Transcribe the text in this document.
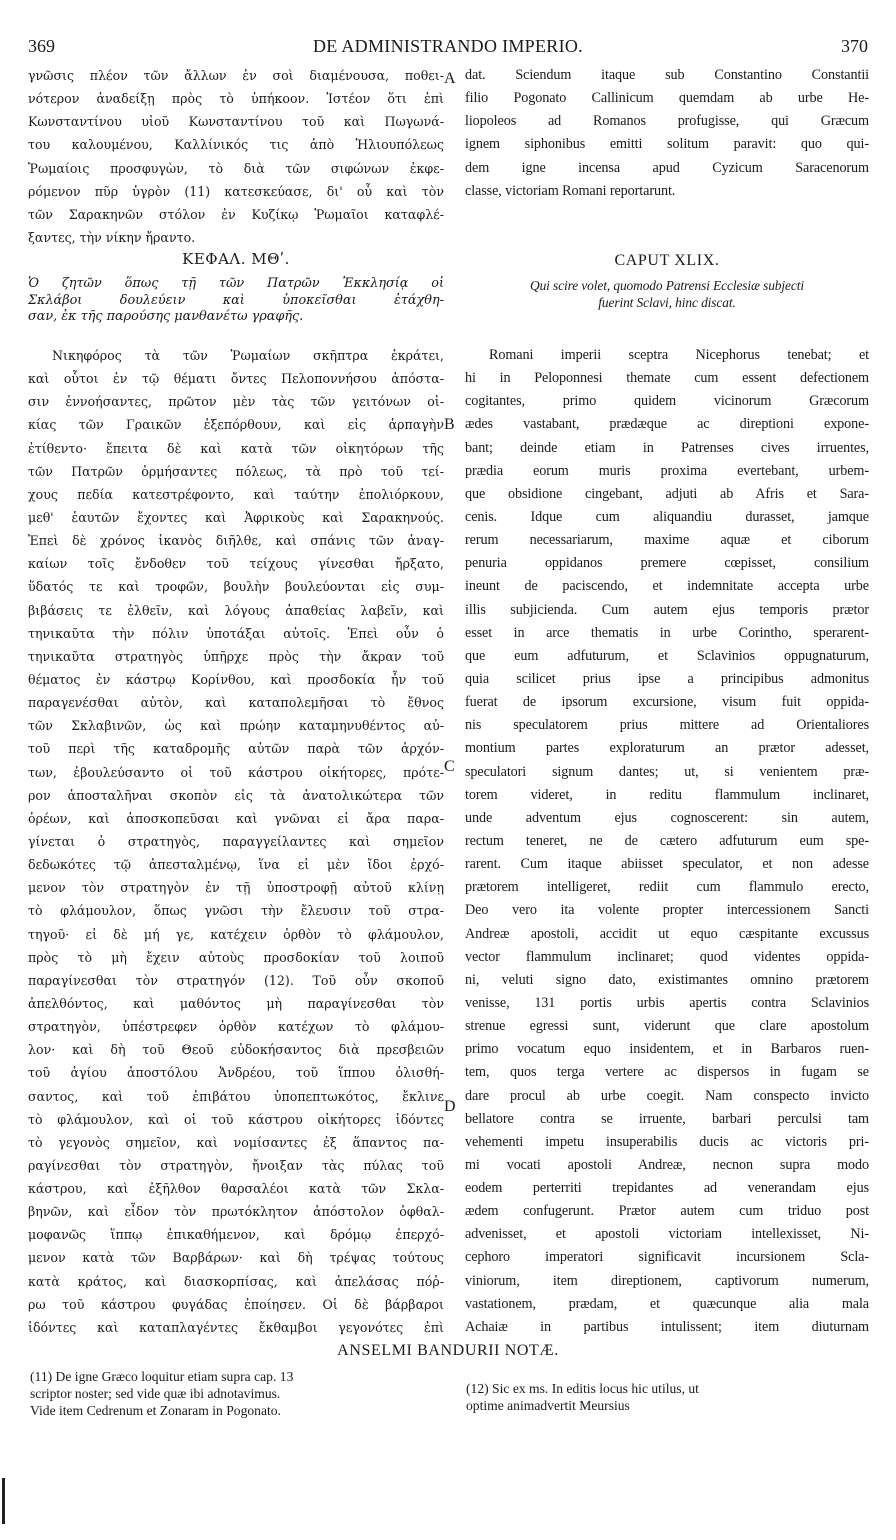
369	DE ADMINISTRANDO IMPERIO.	370
γνῶσις πλέον τῶν ἄλλων ἐν σοὶ διαμένουσα, ποθει-
νότερον ἀναδείξῃ πρὸς τὸ ὑπήκοον. Ἰστέον ὅτι ἐπὶ
Κωνσταντίνου υἱοῦ Κωνσταντίνου τοῦ καὶ Πωγωνά-
του καλουμένου, Καλλίνικός τις ἀπὸ Ἡλιουπόλεως
Ῥωμαίοις προσφυγὼν, τὸ διὰ τῶν σιφώνων ἐκφε-
ρόμενον πῦρ ὑγρὸν (11) κατεσκεύασε, δι' οὗ καὶ τὸν
τῶν Σαρακηνῶν στόλον ἐν Κυζίκῳ Ῥωμαῖοι καταφλέ-
ξαντες, τὴν νίκην ἤραντο.
ΚΕΦΑΛ. ΜΘʹ.
Ὁ ζητῶν ὅπως τῇ τῶν Πατρῶν Ἐκκλησίᾳ οἱ
Σκλάβοι δουλεύειν καὶ ὑποκεῖσθαι ἐτάχθη-
σαν, ἐκ τῆς παρούσης μανθανέτω γραφῆς.
Νικηφόρος τὰ τῶν Ῥωμαίων σκῆπτρα ἐκράτει,
καὶ οὗτοι ἐν τῷ θέματι ὄντες Πελοποννήσου ἀπόστα-
σιν ἐννοήσαντες, πρῶτον μὲν τὰς τῶν γειτόνων οἰ-
κίας τῶν Γραικῶν ἐξεπόρθουν, καὶ εἰς ἁρπαγὴν
ἐτίθεντο· ἔπειτα δὲ καὶ κατὰ τῶν οἰκητόρων τῆς
τῶν Πατρῶν ὁρμήσαντες πόλεως, τὰ πρὸ τοῦ τεί-
χους πεδία κατεστρέφοντο, καὶ ταύτην ἐπολιόρκουν,
μεθ' ἑαυτῶν ἔχοντες καὶ Ἀφρικοὺς καὶ Σαρακηνούς.
Ἐπεὶ δὲ χρόνος ἱκανὸς διῆλθε, καὶ σπάνις τῶν ἀναγ-
καίων τοῖς ἔνδοθεν τοῦ τείχους γίνεσθαι ἤρξατο,
ὕδατός τε καὶ τροφῶν, βουλὴν βουλεύονται εἰς συμ-
βιβάσεις τε ἐλθεῖν, καὶ λόγους ἀπαθείας λαβεῖν, καὶ
τηνικαῦτα τὴν πόλιν ὑποτάξαι αὐτοῖς. Ἐπεὶ οὖν ὁ
τηνικαῦτα στρατηγὸς ὑπῆρχε πρὸς τὴν ἄκραν τοῦ
θέματος ἐν κάστρῳ Κορίνθου, καὶ προσδοκία ἦν τοῦ
παραγενέσθαι αὐτὸν, καὶ καταπολεμῆσαι τὸ ἔθνος
τῶν Σκλαβινῶν, ὡς καὶ πρώην καταμηνυθέντος αὐ-
τοῦ περὶ τῆς καταδρομῆς αὐτῶν παρὰ τῶν ἀρχόν-
των, ἐβουλεύσαντο οἱ τοῦ κάστρου οἰκήτορες, πρότε-
ρον ἀποσταλῆναι σκοπὸν εἰς τὰ ἀνατολικώτερα τῶν
ὀρέων, καὶ ἀποσκοπεῦσαι καὶ γνῶναι εἰ ἄρα παρα-
γίνεται ὁ στρατηγὸς, παραγγείλαντες καὶ σημεῖον
δεδωκότες τῷ ἀπεσταλμένῳ, ἵνα εἰ μὲν ἴδοι ἐρχό-
μενον τὸν στρατηγὸν ἐν τῇ ὑποστροφῇ αὐτοῦ κλίνῃ
τὸ φλάμουλον, ὅπως γνῶσι τὴν ἔλευσιν τοῦ στρα-
τηγοῦ· εἰ δὲ μή γε, κατέχειν ὀρθὸν τὸ φλάμουλον,
πρὸς τὸ μὴ ἔχειν αὐτοὺς προσδοκίαν τοῦ λοιποῦ
παραγίνεσθαι τὸν στρατηγόν (12). Τοῦ οὖν σκοποῦ
ἀπελθόντος, καὶ μαθόντος μὴ παραγίνεσθαι τὸν
στρατηγὸν, ὑπέστρεφεν ὀρθὸν κατέχων τὸ φλάμου-
λον· καὶ δὴ τοῦ Θεοῦ εὐδοκήσαντος διὰ πρεσβειῶν
τοῦ ἁγίου ἀποστόλου Ἀνδρέου, τοῦ ἵππου ὀλισθή-
σαντος, καὶ τοῦ ἐπιβάτου ὑποπεπτωκότος, ἔκλινε
τὸ φλάμουλον, καὶ οἱ τοῦ κάστρου οἰκήτορες ἰδόντες
τὸ γεγονὸς σημεῖον, καὶ νομίσαντες ἐξ ἅπαντος πα-
ραγίνεσθαι τὸν στρατηγὸν, ἤνοιξαν τὰς πύλας τοῦ
κάστρου, καὶ ἐξῆλθον θαρσαλέοι κατὰ τῶν Σκλα-
βηνῶν, καὶ εἶδον τὸν πρωτόκλητον ἀπόστολον ὀφθαλ-
μοφανῶς ἵππῳ ἐπικαθήμενον, καὶ δρόμῳ ἐπερχό-
μενον κατὰ τῶν Βαρβάρων· καὶ δὴ τρέψας τούτους
κατὰ κράτος, καὶ διασκορπίσας, καὶ ἀπελάσας πόῤ-
ρω τοῦ κάστρου φυγάδας ἐποίησεν. Οἱ δὲ βάρβαροι
ἰδόντες καὶ καταπλαγέντες ἔκθαμβοι γεγονότες ἐπὶ
dat. Sciendum itaque sub Constantino Constantii
filio Pogonato Callinicum quemdam ab urbe He-
liopoleos ad Romanos profugisse, qui Græcum
ignem siphonibus emitti solitum paravit: quo qui-
dem igne incensa apud Cyzicum Saracenorum
classe, victoriam Romani reportarunt.
CAPUT XLIX.
Qui scire volet, quomodo Patrensi Ecclesiæ subjecti
fuerint Sclavi, hinc discat.
Romani imperii sceptra Nicephorus tenebat; et
hi in Peloponnesi themate cum essent defectionem
cogitantes, primo quidem vicinorum Græcorum
ædes vastabant, prædæque ac direptioni expone-
bant; deinde etiam in Patrenses cives irruentes,
prædia eorum muris proxima evertebant, urbem-
que obsidione cingebant, adjuti ab Afris et Sara-
cenis. Idque cum aliquandiu durasset, jamque
rerum necessariarum, maxime aquæ et ciborum
penuria oppidanos premere cœpisset, consilium
ineunt de paciscendo, et indemnitate accepta urbe
illis subjicienda. Cum autem ejus temporis prætor
esset in arce thematis in urbe Corintho, sperarent-
que eum adfuturum, et Sclavinios oppugnaturum,
quia scilicet prius ipse a principibus admonitus
fuerat de ipsorum excursione, visum fuit oppida-
nis speculatorem prius mittere ad Orientaliores
montium partes exploraturum an prætor adesset,
speculatori signum dantes; ut, si venientem præ-
torem videret, in reditu flammulum inclinaret,
unde adventum ejus cognoscerent: sin autem,
rectum teneret, ne de cætero adfuturum eum spe-
rarent. Cum itaque abiisset speculator, et non adesse
prætorem intelligeret, rediit cum flammulo erecto,
Deo vero ita volente propter intercessionem Sancti
Andreæ apostoli, accidit ut equo cæspitante excussus
vector flammulum inclinaret; quod videntes oppida-
ni, veluti signo dato, existimantes omnino prætorem
venisse, 131 portis urbis apertis contra Sclavinios
strenue egressi sunt, viderunt que clare apostolum
primo vocatum equo insidentem, et in Barbaros ruen-
tem, quos terga vertere ac dispersos in fugam se
dare procul ab urbe coegit. Nam conspecto invicto
bellatore contra se irruente, barbari perculsi tam
vehementi impetu insuperabilis ducis ac victoris pri-
mi vocati apostoli Andreæ, necnon supra modo
eodem perterriti trepidantes ad venerandam ejus
ædem confugerunt. Prætor autem cum triduo post
advenisset, et apostoli victoriam intellexisset, Ni-
cephoro imperatori significavit incursionem Scla-
viniorum, item direptionem, captivorum numerum,
vastationem, prædam, et quæcunque alia mala
Achaiæ in partibus intulissent; item diuturnam
A
B
C
D
ANSELMI BANDURII NOTÆ.
(11) De igne Græco loquitur etiam supra cap. 13
scriptor noster; sed vide quæ ibi adnotavimus.
Vide item Cedrenum et Zonaram in Pogonato.
(12) Sic ex ms. In editis locus hic utilus, ut
optime animadvertit Meursius
